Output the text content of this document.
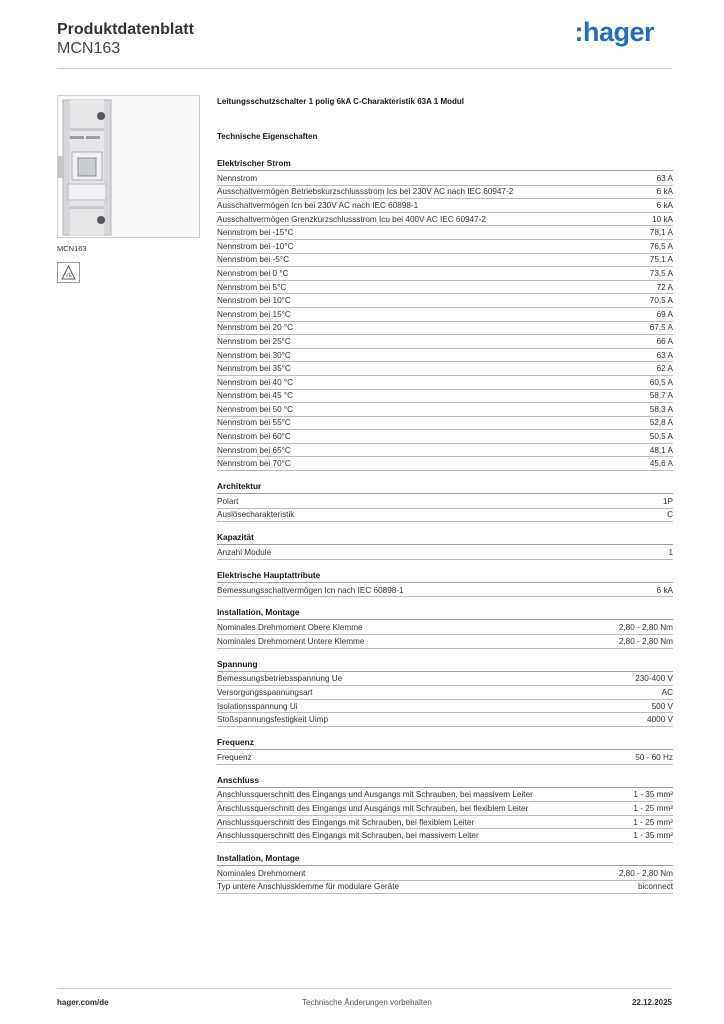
Produktdatenblatt
MCN163
:hager
MCN163
VE
Leitungsschutzschalter 1 polig 6kA C-Charakteristik 63A 1 Modul
Technische Eigenschaften
Elektrischer Strom
Nennstrom	63 A
Ausschaltvermögen Betriebskurzschlussstrom Ics bei 230V AC nach IEC 60947-2	6 kA
Ausschaltvermögen Icn bei 230V AC nach IEC 60898-1	6 kA
Ausschaltvermögen Grenzkurzschlussstrom Icu bei 400V AC IEC 60947-2	10 kA
Nennstrom bei -15°C	78,1 A
Nennstrom bei -10°C	76,5 A
Nennstrom bei -5°C	75,1 A
Nennstrom bei 0 °C	73,5 A
Nennstrom bei 5°C	72 A
Nennstrom bei 10°C	70,5 A
Nennstrom bei 15°C	69 A
Nennstrom bei 20 °C	67,5 A
Nennstrom bei 25°C	66 A
Nennstrom bei 30°C	63 A
Nennstrom bei 35°C	62 A
Nennstrom bei 40 °C	60,5 A
Nennstrom bei 45 °C	58,7 A
Nennstrom bei 50 °C	58,3 A
Nennstrom bei 55°C	52,8 A
Nennstrom bei 60°C	50,5 A
Nennstrom bei 65°C	48,1 A
Nennstrom bei 70°C	45,6 A
Architektur
Polart	1P
Auslösecharakteristik	C
Kapazität
Anzahl Module	1
Elektrische Hauptattribute
Bemessungsschaltvermögen Icn nach IEC 60898-1	6 kA
Installation, Montage
Nominales Drehmoment Obere Klemme	2,80 - 2,80 Nm
Nominales Drehmoment Untere Klemme	2,80 - 2,80 Nm
Spannung
Bemessungsbetriebsspannung Ue	230-400 V
Versorgungsspannungsart	AC
Isolationsspannung Ui	500 V
Stoßspannungsfestigkeit Uimp	4000 V
Frequenz
Frequenz	50 - 60 Hz
Anschluss
Anschlussquerschnitt des Eingangs und Ausgangs mit Schrauben, bei massivem Leiter	1 - 35 mm²
Anschlussquerschnitt des Eingangs und Ausgangs mit Schrauben, bei flexiblem Leiter	1 - 25 mm²
Anschlussquerschnitt des Eingangs mit Schrauben, bei flexiblem Leiter	1 - 25 mm²
Anschlussquerschnitt des Eingangs mit Schrauben, bei massivem Leiter	1 - 35 mm²
Installation, Montage
Nominales Drehmoment	2,80 - 2,80 Nm
Typ untere Anschlussklemme für modulare Geräte	biconnect
hager.com/de	Technische Änderungen vorbehalten	22.12.2025
